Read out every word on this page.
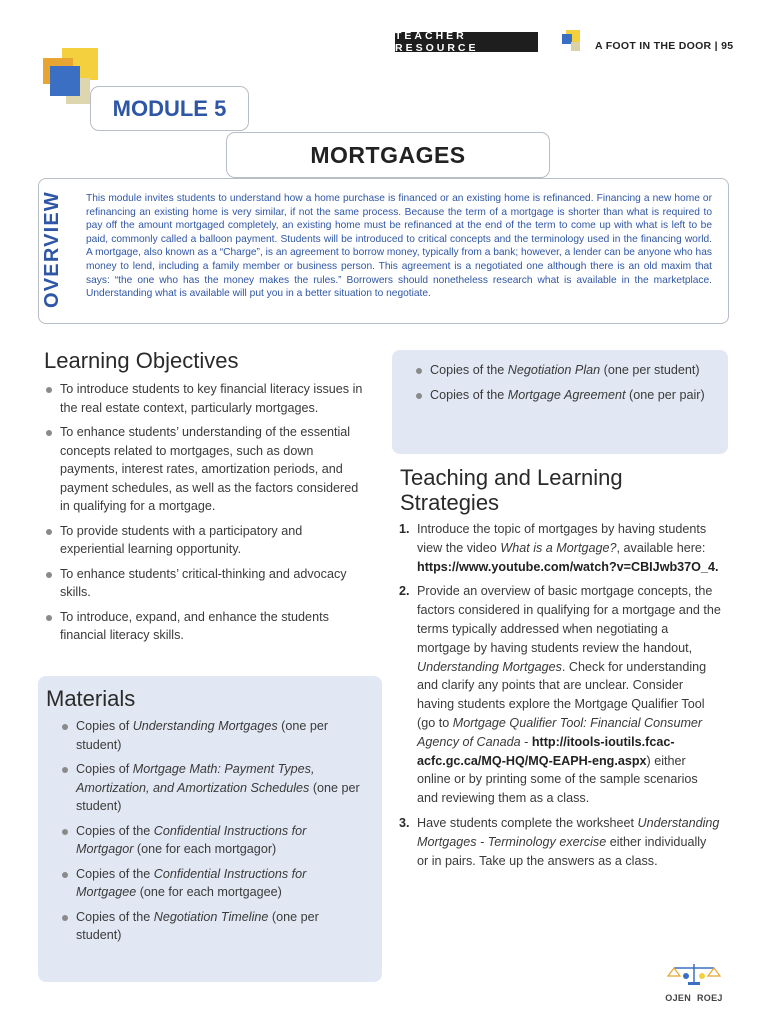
TEACHER RESOURCE	A FOOT IN THE DOOR | 95
MODULE 5
MORTGAGES
OVERVIEW This module invites students to understand how a home purchase is financed or an existing home is refinanced. Financing a new home or refinancing an existing home is very similar, if not the same process. Because the term of a mortgage is shorter than what is required to pay off the amount mortgaged completely, an existing home must be refinanced at the end of the term to come up with what is left to be paid, commonly called a balloon payment. Students will be introduced to critical concepts and the terminology used in the financing world. A mortgage, also known as a “Charge”, is an agreement to borrow money, typically from a bank; however, a lender can be anyone who has money to lend, including a family member or business person. This agreement is a negotiated one although there is an old maxim that says: “the one who has the money makes the rules.” Borrowers should nonetheless research what is available in the marketplace. Understanding what is available will put you in a better situation to negotiate.
Learning Objectives
To introduce students to key financial literacy issues in the real estate context, particularly mortgages.
To enhance students’ understanding of the essential concepts related to mortgages, such as down payments, interest rates, amortization periods, and payment schedules, as well as the factors considered in qualifying for a mortgage.
To provide students with a participatory and experiential learning opportunity.
To enhance students’ critical-thinking and advocacy skills.
To introduce, expand, and enhance the students financial literacy skills.
Materials
Copies of Understanding Mortgages (one per student)
Copies of Mortgage Math: Payment Types, Amortization, and Amortization Schedules (one per student)
Copies of the Confidential Instructions for Mortgagor (one for each mortgagor)
Copies of the Confidential Instructions for Mortgagee (one for each mortgagee)
Copies of the Negotiation Timeline (one per student)
Copies of the Negotiation Plan (one per student)
Copies of the Mortgage Agreement (one per pair)
Teaching and Learning
Strategies
1. Introduce the topic of mortgages by having students view the video What is a Mortgage?, available here: https://www.youtube.com/watch?v=CBIJwb37O_4.
2. Provide an overview of basic mortgage concepts, the factors considered in qualifying for a mortgage and the terms typically addressed when negotiating a mortgage by having students review the handout, Understanding Mortgages. Check for understanding and clarify any points that are unclear. Consider having students explore the Mortgage Qualifier Tool (go to Mortgage Qualifier Tool: Financial Consumer Agency of Canada - http://itools-ioutils.fcac-acfc.gc.ca/MQ-HQ/MQ-EAPH-eng.aspx) either online or by printing some of the sample scenarios and reviewing them as a class.
3. Have students complete the worksheet Understanding Mortgages - Terminology exercise either individually or in pairs. Take up the answers as a class.
OJEN ROEJ
